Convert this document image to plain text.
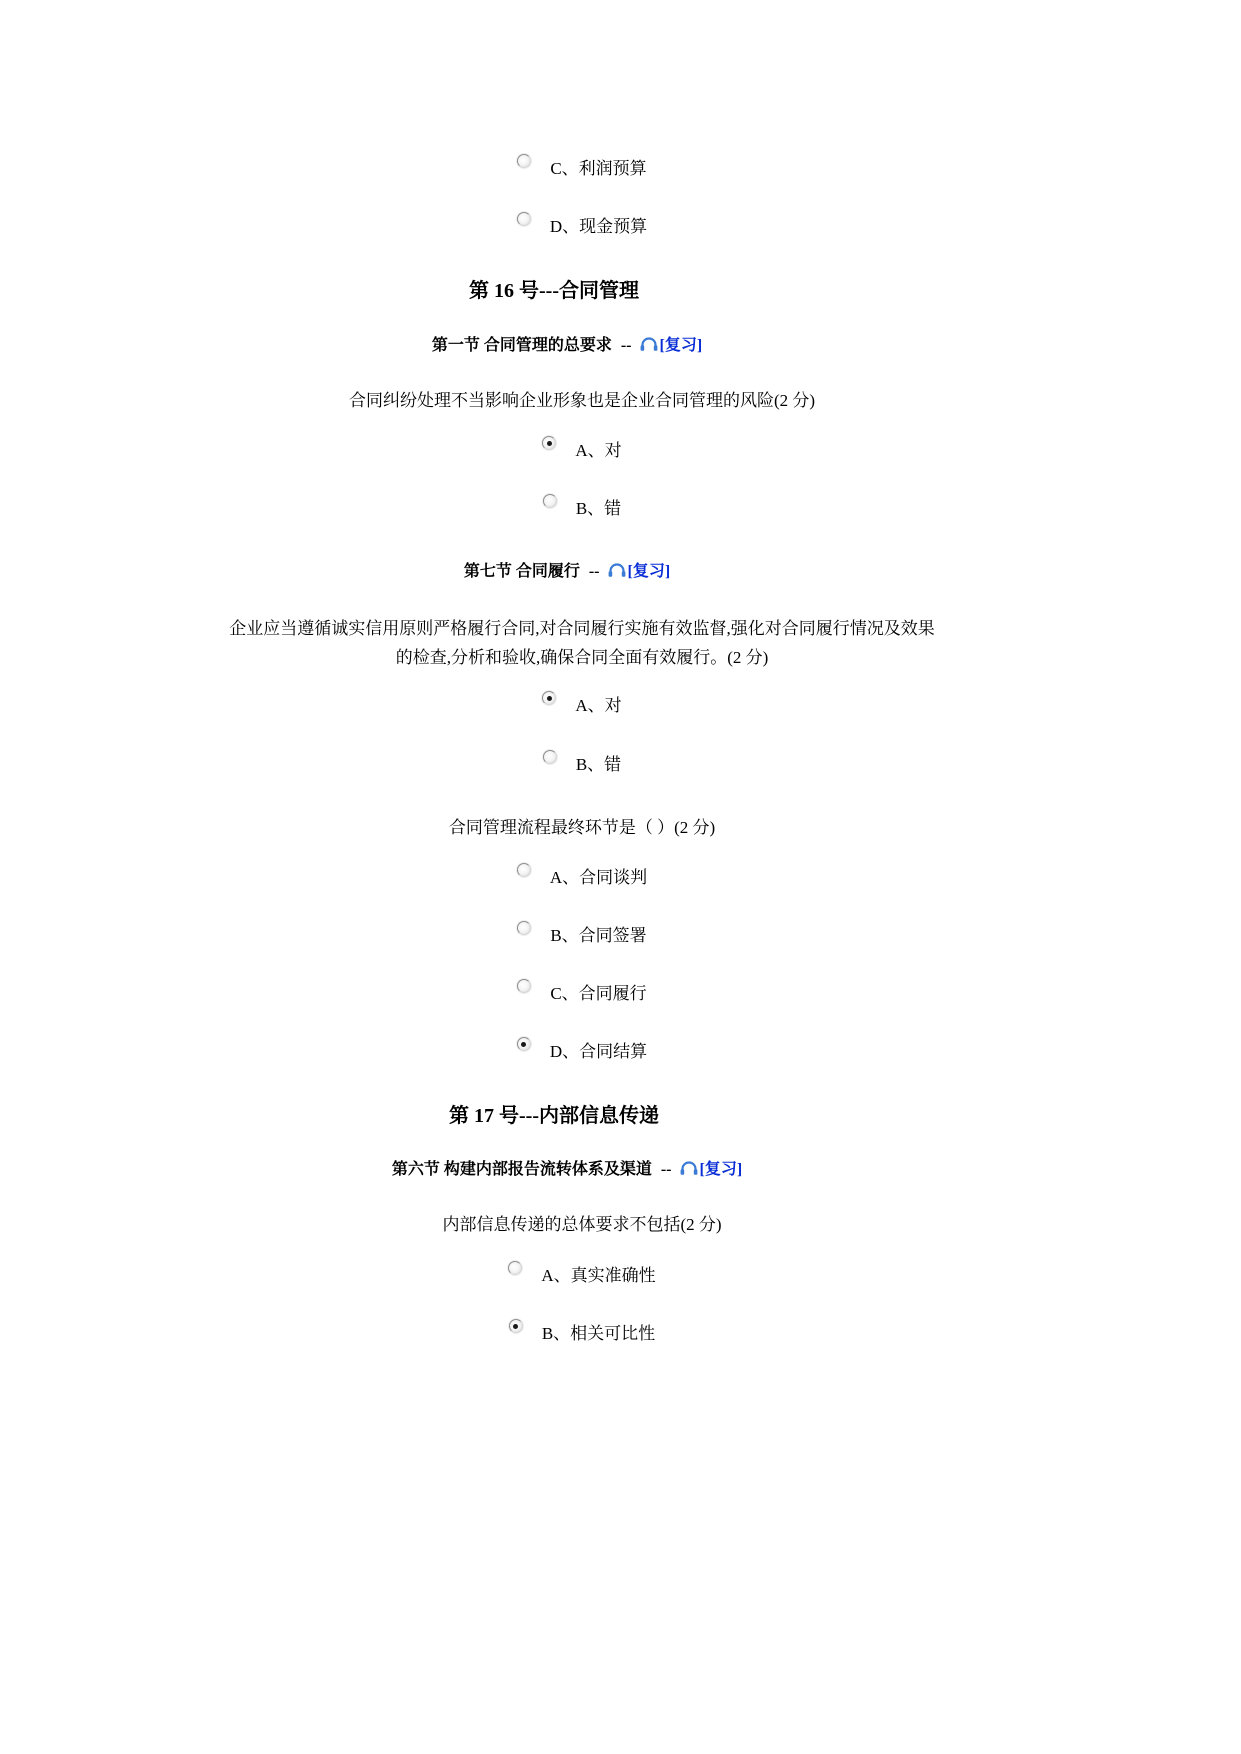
C、利润预算
D、现金预算
第 16 号---合同管理
第一节 合同管理的总要求 -- [复习]
合同纠纷处理不当影响企业形象也是企业合同管理的风险(2 分)
A、对
B、错
第七节 合同履行 -- [复习]
企业应当遵循诚实信用原则严格履行合同,对合同履行实施有效监督,强化对合同履行情况及效果
的检查,分析和验收,确保合同全面有效履行。(2 分)
A、对
B、错
合同管理流程最终环节是（ ）(2 分)
A、合同谈判
B、合同签署
C、合同履行
D、合同结算
第 17 号---内部信息传递
第六节 构建内部报告流转体系及渠道 -- [复习]
内部信息传递的总体要求不包括(2 分)
A、真实准确性
B、相关可比性
